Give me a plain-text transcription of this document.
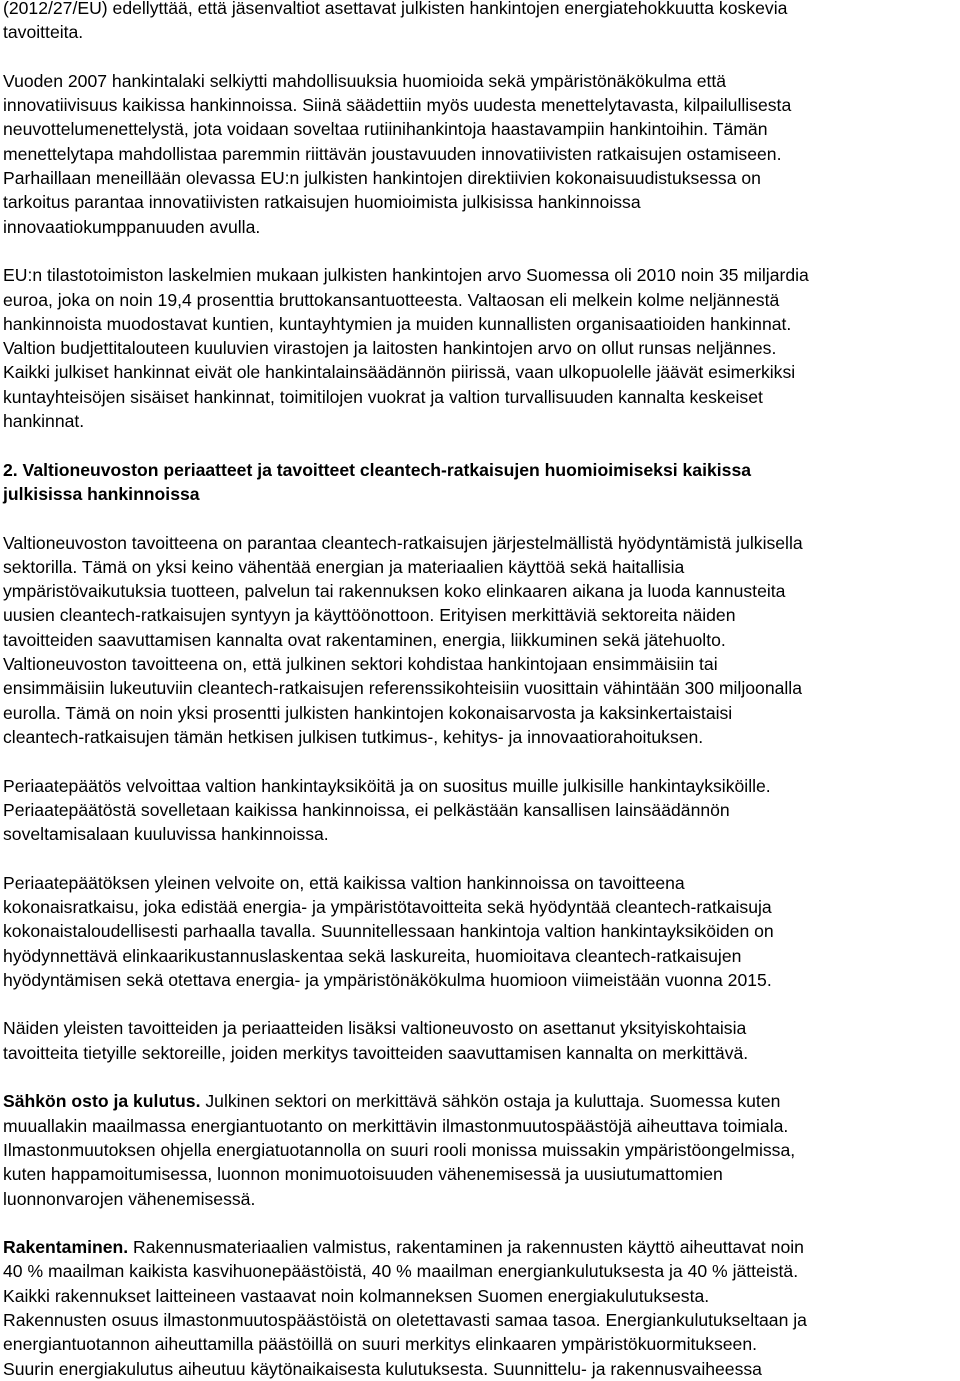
(2012/27/EU) edellyttää, että jäsenvaltiot asettavat julkisten hankintojen energiatehokkuutta koskevia

tavoitteita.

Vuoden 2007 hankintalaki selkiytti mahdollisuuksia huomioida sekä ympäristönäkökulma että

innovatiivisuus kaikissa hankinnoissa. Siinä säädettiin myös uudesta menettelytavasta, kilpailullisesta

neuvottelumenettelystä, jota voidaan soveltaa rutiinihankintoja haastavampiin hankintoihin. Tämän

menettelytapa mahdollistaa paremmin riittävän joustavuuden innovatiivisten ratkaisujen ostamiseen.

Parhaillaan meneillään olevassa EU:n julkisten hankintojen direktiivien kokonaisuudistuksessa on

tarkoitus parantaa innovatiivisten ratkaisujen huomioimista julkisissa hankinnoissa

innovaatiokumppanuuden avulla.

EU:n tilastotoimiston laskelmien mukaan julkisten hankintojen arvo Suomessa oli 2010 noin 35 miljardia

euroa, joka on noin 19,4 prosenttia bruttokansantuotteesta. Valtaosan eli melkein kolme neljännestä

hankinnoista muodostavat kuntien, kuntayhtymien ja muiden kunnallisten organisaatioiden hankinnat.

Valtion budjettitalouteen kuuluvien virastojen ja laitosten hankintojen arvo on ollut runsas neljännes.

Kaikki julkiset hankinnat eivät ole hankintalainsäädännön piirissä, vaan ulkopuolelle jäävät esimerkiksi

kuntayhteisöjen sisäiset hankinnat, toimitilojen vuokrat ja valtion turvallisuuden kannalta keskeiset

hankinnat.

2. Valtioneuvoston periaatteet ja tavoitteet cleantech-ratkaisujen huomioimiseksi kaikissa

julkisissa hankinnoissa

Valtioneuvoston tavoitteena on parantaa cleantech-ratkaisujen järjestelmällistä hyödyntämistä julkisella

sektorilla. Tämä on yksi keino vähentää energian ja materiaalien käyttöä sekä haitallisia

ympäristövaikutuksia tuotteen, palvelun tai rakennuksen koko elinkaaren aikana ja luoda kannusteita

uusien cleantech-ratkaisujen syntyyn ja käyttöönottoon. Erityisen merkittäviä sektoreita näiden

tavoitteiden saavuttamisen kannalta ovat rakentaminen, energia, liikkuminen sekä jätehuolto.

Valtioneuvoston tavoitteena on, että julkinen sektori kohdistaa hankintojaan ensimmäisiin tai

ensimmäisiin lukeutuviin cleantech-ratkaisujen referenssikohteisiin vuosittain vähintään 300 miljoonalla

eurolla. Tämä on noin yksi prosentti julkisten hankintojen kokonaisarvosta ja kaksinkertaistaisi

cleantech-ratkaisujen tämän hetkisen julkisen tutkimus-, kehitys- ja innovaatiorahoituksen.

Periaatepäätös velvoittaa valtion hankintayksiköitä ja on suositus muille julkisille hankintayksiköille.

Periaatepäätöstä sovelletaan kaikissa hankinnoissa, ei pelkästään kansallisen lainsäädännön

soveltamisalaan kuuluvissa hankinnoissa.

Periaatepäätöksen yleinen velvoite on, että kaikissa valtion hankinnoissa on tavoitteena

kokonaisratkaisu, joka edistää energia- ja ympäristötavoitteita sekä hyödyntää cleantech-ratkaisuja

kokonaistaloudellisesti parhaalla tavalla. Suunnitellessaan hankintoja valtion hankintayksiköiden on

hyödynnettävä elinkaarikustannuslaskentaa sekä laskureita, huomioitava cleantech-ratkaisujen

hyödyntämisen sekä otettava energia- ja ympäristönäkökulma huomioon viimeistään vuonna 2015.

Näiden yleisten tavoitteiden ja periaatteiden lisäksi valtioneuvosto on asettanut yksityiskohtaisia

tavoitteita tietyille sektoreille, joiden merkitys tavoitteiden saavuttamisen kannalta on merkittävä.

Sähkön osto ja kulutus. Julkinen sektori on merkittävä sähkön ostaja ja kuluttaja. Suomessa kuten

muuallakin maailmassa energiantuotanto on merkittävin ilmastonmuutospäästöjä aiheuttava toimiala.

Ilmastonmuutoksen ohjella energiatuotannolla on suuri rooli monissa muissakin ympäristöongelmissa,

kuten happamoitumisessa, luonnon monimuotoisuuden vähenemisessä ja uusiutumattomien

luonnonvarojen vähenemisessä.

Rakentaminen. Rakennusmateriaalien valmistus, rakentaminen ja rakennusten käyttö aiheuttavat noin

40 % maailman kaikista kasvihuonepäästöistä, 40 % maailman energiankulutuksesta ja 40 % jätteistä.

Kaikki rakennukset laitteineen vastaavat noin kolmanneksen Suomen energiakulutuksesta.

Rakennusten osuus ilmastonmuutospäästöistä on oletettavasti samaa tasoa. Energiankulutukseltaan ja

energiantuotannon aiheuttamilla päästöillä on suuri merkitys elinkaaren ympäristökuormitukseen.

Suurin energiakulutus aiheutuu käytönaikaisesta kulutuksesta. Suunnittelu- ja rakennusvaiheessa
